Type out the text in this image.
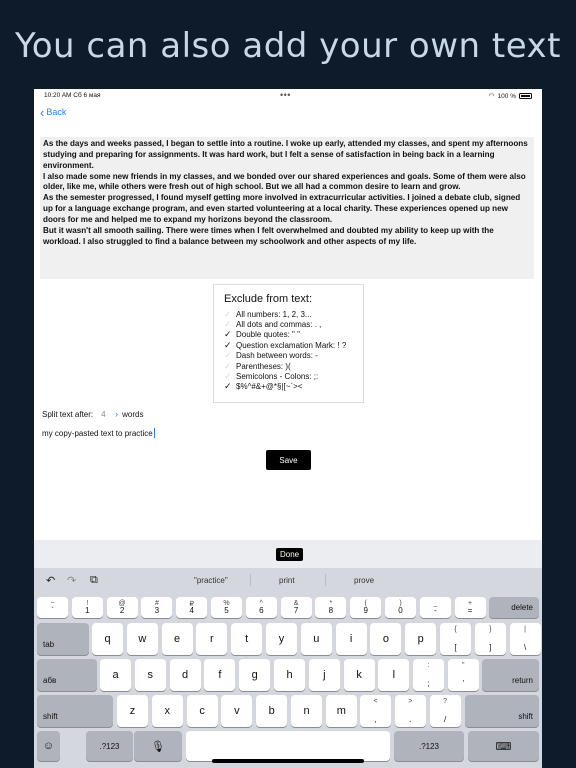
You can also add your own text
10:20 AM Сб 6 мая	•••	◠ 100 %
‹ Back
As the days and weeks passed, I began to settle into a routine. I woke up early, attended my classes, and spent my afternoons studying and preparing for assignments. It was hard work, but I felt a sense of satisfaction in being back in a learning environment.
I also made some new friends in my classes, and we bonded over our shared experiences and goals. Some of them were also older, like me, while others were fresh out of high school. But we all had a common desire to learn and grow.
As the semester progressed, I found myself getting more involved in extracurricular activities. I joined a debate club, signed up for a language exchange program, and even started volunteering at a local charity. These experiences opened up new doors for me and helped me to expand my horizons beyond the classroom.
But it wasn't all smooth sailing. There were times when I felt overwhelmed and doubted my ability to keep up with the workload. I also struggled to find a balance between my schoolwork and other aspects of my life.
Exclude from text:
✓ All numbers: 1, 2, 3...
✓ All dots and commas: . ,
✓ Double quotes: " "
✓ Question exclamation Mark: ! ?
✓ Dash between words: -
✓ Parentheses: )(
✓ Semicolons - Colons: ;:
✓ $%^#&+@*§|[~`><
Split text after: 4	› words
my copy-pasted text to practice
Save
Done
↶ ↷ ⧉	"practice"	print	prove
~
`
!
1
@
2
#
3
₽
4
%
5
^
6
&
7
*
8
(
9
)
0
_
-
+
=	delete
tab	q	w	e	r	t	y	u	i	o	p
{
[
}
]
|
\
абв	a	s	d	f	g	h	j	k	l
:
;
"
'	return
shift	z	x	c	v	b	n m
<
,
>
.
?
/	shift
☺	.?123	🎙	.?123	⌨
